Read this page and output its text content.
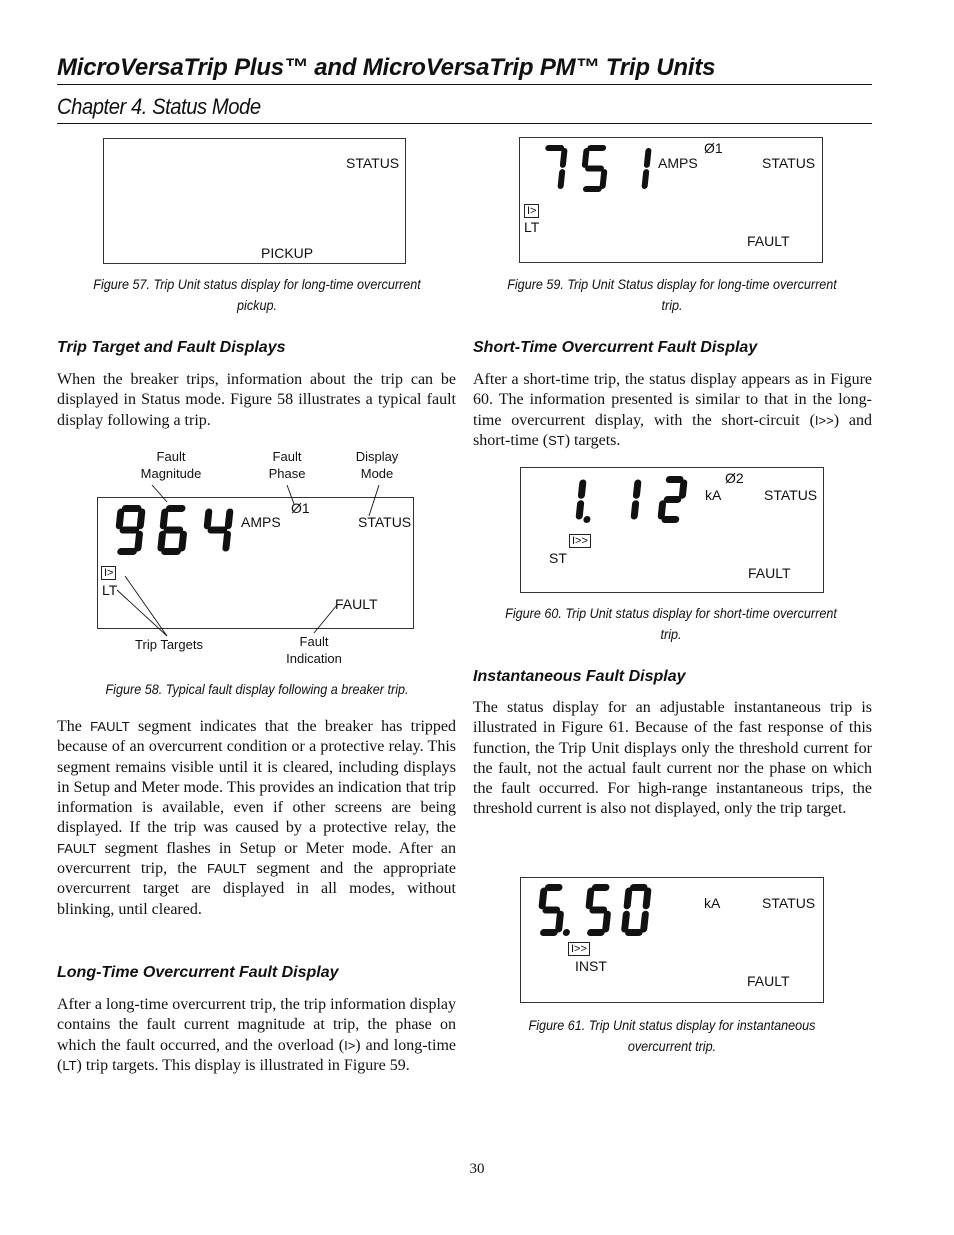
MicroVersaTrip Plus™ and MicroVersaTrip PM™ Trip Units
Chapter 4. Status Mode
STATUS
PICKUP
Figure 57. Trip Unit status display for long-time overcurrent pickup.
Trip Target and Fault Displays
When the breaker trips, information about the trip can be displayed in Status mode. Figure 58 illustrates a typical fault display following a trip.
Fault Magnitude
Fault Phase
Display Mode
Ø1
AMPS	STATUS
I>
LT
FAULT
Trip Targets	Fault Indication
Figure 58. Typical fault display following a breaker trip.
The FAULT segment indicates that the breaker has tripped because of an overcurrent condition or a protective relay. This segment remains visible until it is cleared, including displays in Setup and Meter mode. This provides an indication that trip information is available, even if other screens are being displayed. If the trip was caused by a protective relay, the FAULT segment flashes in Setup or Meter mode. After an overcurrent trip, the FAULT segment and the appropriate overcurrent target are displayed in all modes, without blinking, until cleared.
Long-Time Overcurrent Fault Display
After a long-time overcurrent trip, the trip information display contains the fault current magnitude at trip, the phase on which the fault occurred, and the overload (I>) and long-time (LT) trip targets. This display is illustrated in Figure 59.
Ø1
AMPS	STATUS
I>
LT
FAULT
Figure 59. Trip Unit Status display for long-time overcurrent trip.
Short-Time Overcurrent Fault Display
After a short-time trip, the status display appears as in Figure 60. The information presented is similar to that in the long-time overcurrent display, with the short-circuit (I>>) and short-time (ST) targets.
Ø2
kA	STATUS
I>>
ST
FAULT
Figure 60. Trip Unit status display for short-time overcurrent trip.
Instantaneous Fault Display
The status display for an adjustable instantaneous trip is illustrated in Figure 61. Because of the fast response of this function, the Trip Unit displays only the threshold current for the fault, not the actual fault current nor the phase on which the fault occurred. For high-range instantaneous trips, the threshold current is also not displayed, only the trip target.
kA	STATUS
I>>
INST
FAULT
Figure 61. Trip Unit status display for instantaneous overcurrent trip.
30
